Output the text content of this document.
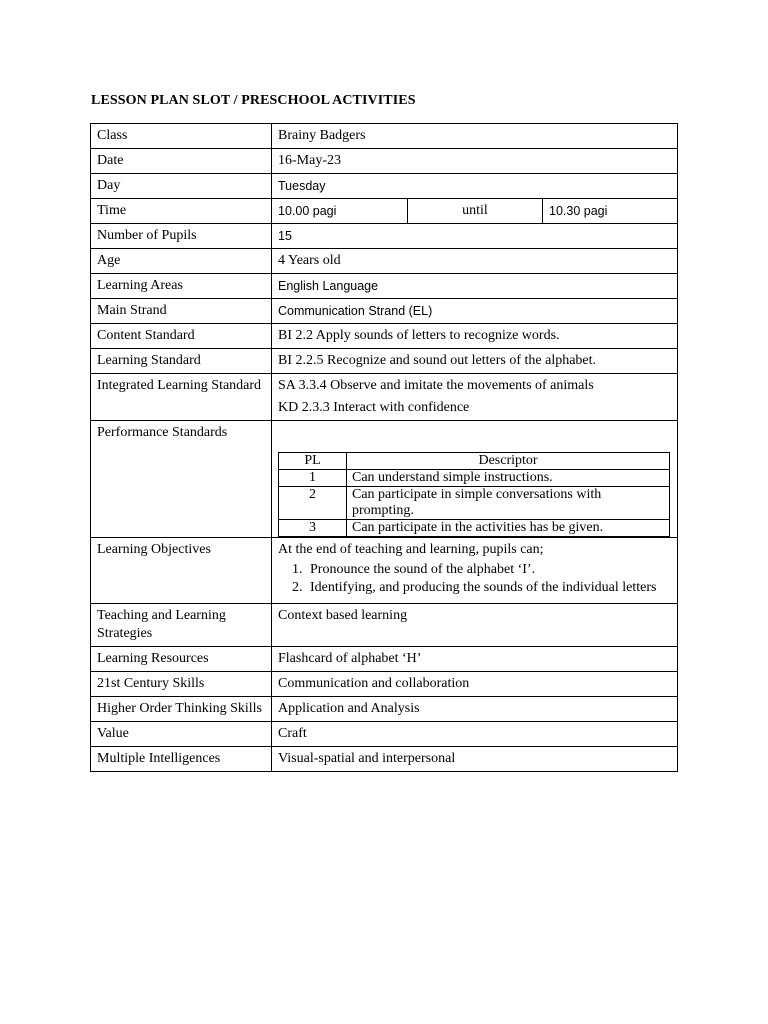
LESSON PLAN SLOT / PRESCHOOL ACTIVITIES
Class	Brainy Badgers
Date	16-May-23
Day	Tuesday
Time		10.00 pagi	until	10.30 pagi

Number of Pupils	15
Age	4 Years old
Learning Areas	English Language
Main Strand	Communication Strand (EL)
Content Standard	BI 2.2 Apply sounds of letters to recognize words.
Learning Standard	BI 2.2.5 Recognize and sound out letters of the alphabet.
Integrated Learning Standard	SA 3.3.4 Observe and imitate the movements of animals
KD 2.3.3 Interact with confidence

Performance Standards	
PL	Descriptor
1	Can understand simple instructions.
2	Can participate in simple conversations with prompting.
3	Can participate in the activities has be given.

Learning Objectives	At the end of teaching and learning, pupils can;
1. Pronounce the sound of the alphabet ‘I’.
2. Identifying, and producing the sounds of the individual letters

Teaching and Learning Strategies	Context based learning
Learning Resources	Flashcard of alphabet ‘H’
21st Century Skills	Communication and collaboration
Higher Order Thinking Skills	Application and Analysis
Value	Craft
Multiple Intelligences	Visual-spatial and interpersonal
